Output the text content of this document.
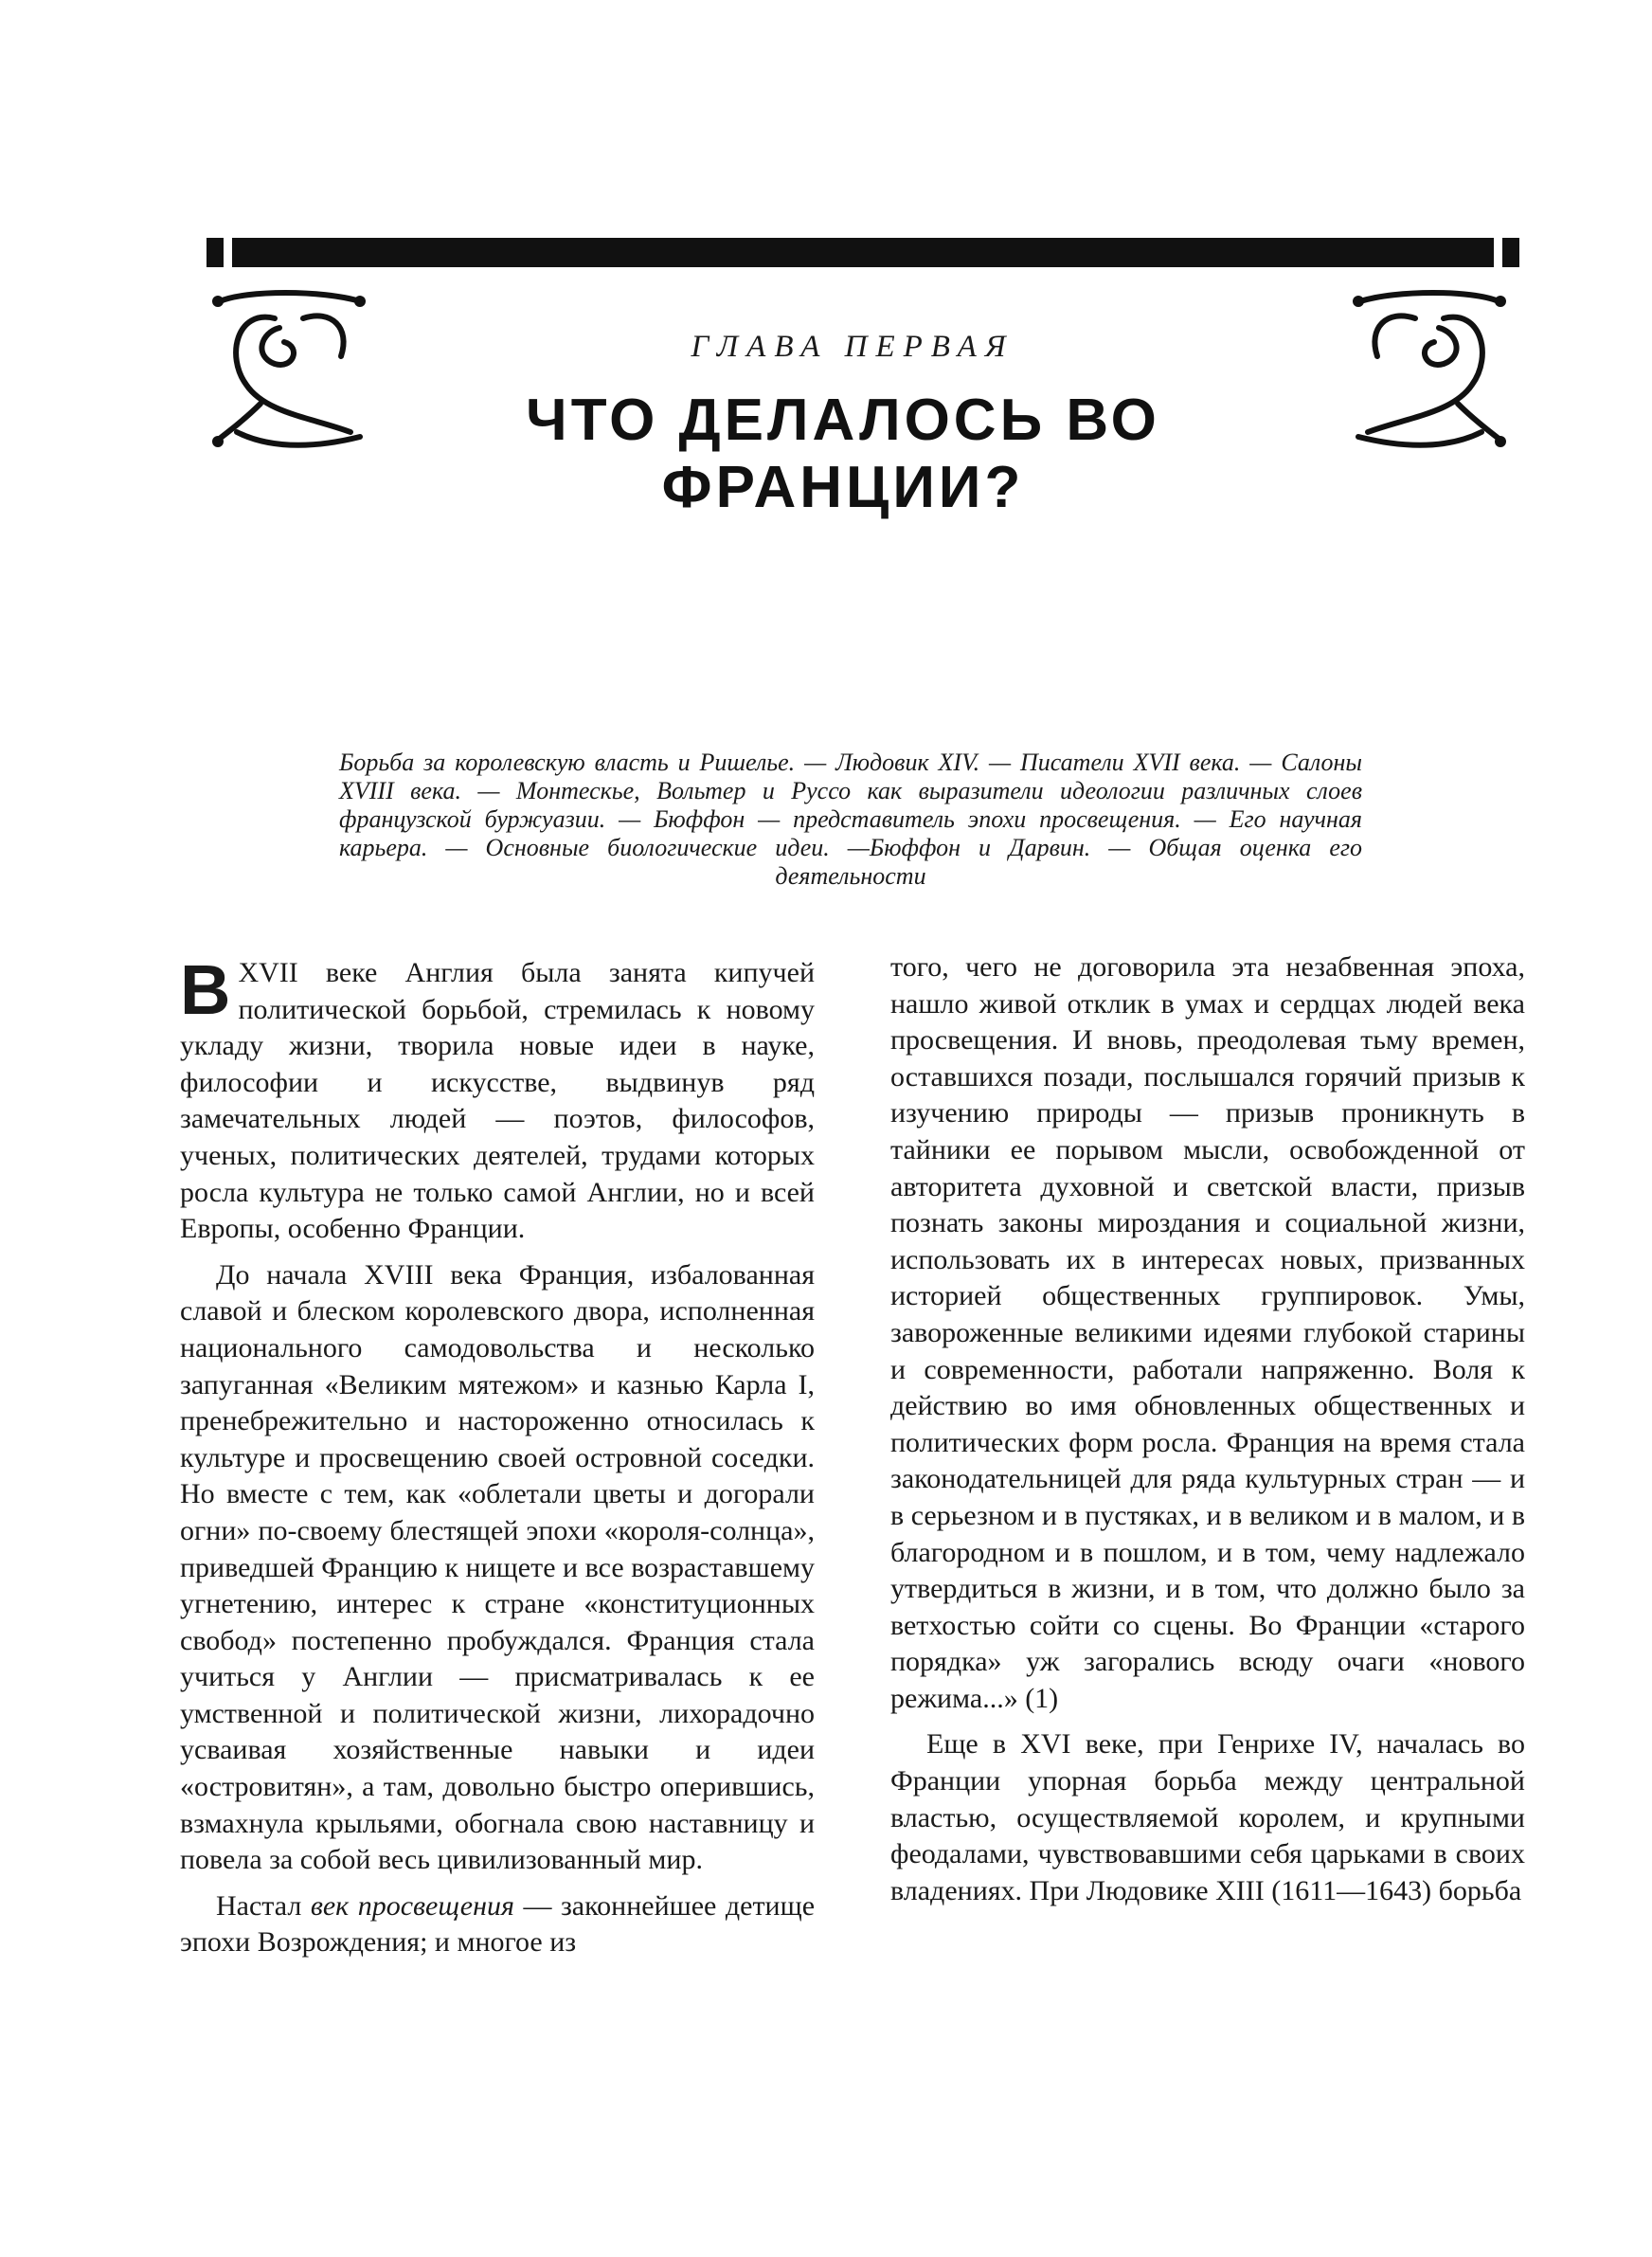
ГЛАВА ПЕРВАЯ
ЧТО ДЕЛАЛОСЬ ВО ФРАНЦИИ?
Борьба за королевскую власть и Ришелье. — Людовик XIV. — Писатели XVII века. — Салоны XVIII века. — Монтескье, Вольтер и Руссо как выразители идеологии различных слоев французской буржуазии. — Бюффон — представитель эпохи просвещения. — Его научная карьера. — Основные биологические идеи. —Бюффон и Дарвин. — Общая оценка его деятельности

ВXVII веке Англия была занята кипучей политической борьбой, стремилась к новому укладу жизни, творила новые идеи в науке, философии и искусстве, выдвинув ряд замечательных людей — поэтов, философов, ученых, политических деятелей, трудами которых росла культура не только самой Англии, но и всей Европы, особенно Франции.

До начала XVIII века Франция, избалованная славой и блеском королевского двора, исполненная национального самодовольства и несколько запуганная «Великим мятежом» и казнью Карла I, пренебрежительно и настороженно относилась к культуре и просвещению своей островной соседки. Но вместе с тем, как «облетали цветы и догорали огни» по-своему блестящей эпохи «короля-солнца», приведшей Францию к нищете и все возраставшему угнетению, интерес к стране «конституционных свобод» постепенно пробуждался. Франция стала учиться у Англии — присматривалась к ее умственной и политической жизни, лихорадочно усваивая хозяйственные навыки и идеи «островитян», а там, довольно быстро оперившись, взмахнула крыльями, обогнала свою наставницу и повела за собой весь цивилизованный мир.

Настал век просвещения — законнейшее детище эпохи Возрождения; и многое из

того, чего не договорила эта незабвенная эпоха, нашло живой отклик в умах и сердцах людей века просвещения. И вновь, преодолевая тьму времен, оставшихся позади, послышался горячий призыв к изучению природы — призыв проникнуть в тайники ее порывом мысли, освобожденной от авторитета духовной и светской власти, призыв познать законы мироздания и социальной жизни, использовать их в интересах новых, призванных историей общественных группировок. Умы, завороженные великими идеями глубокой старины и современности, работали напряженно. Воля к действию во имя обновленных общественных и политических форм росла. Франция на время стала законодательницей для ряда культурных стран — и в серьезном и в пустяках, и в великом и в малом, и в благородном и в пошлом, и в том, чему надлежало утвердиться в жизни, и в том, что должно было за ветхостью сойти со сцены. Во Франции «старого порядка» уж загорались всюду очаги «нового режима...» (1)

Еще в XVI веке, при Генрихе IV, началась во Франции упорная борьба между центральной властью, осуществляемой королем, и крупными феодалами, чувствовавшими себя царьками в своих владениях. При Людовике XIII (1611—1643) борьба
